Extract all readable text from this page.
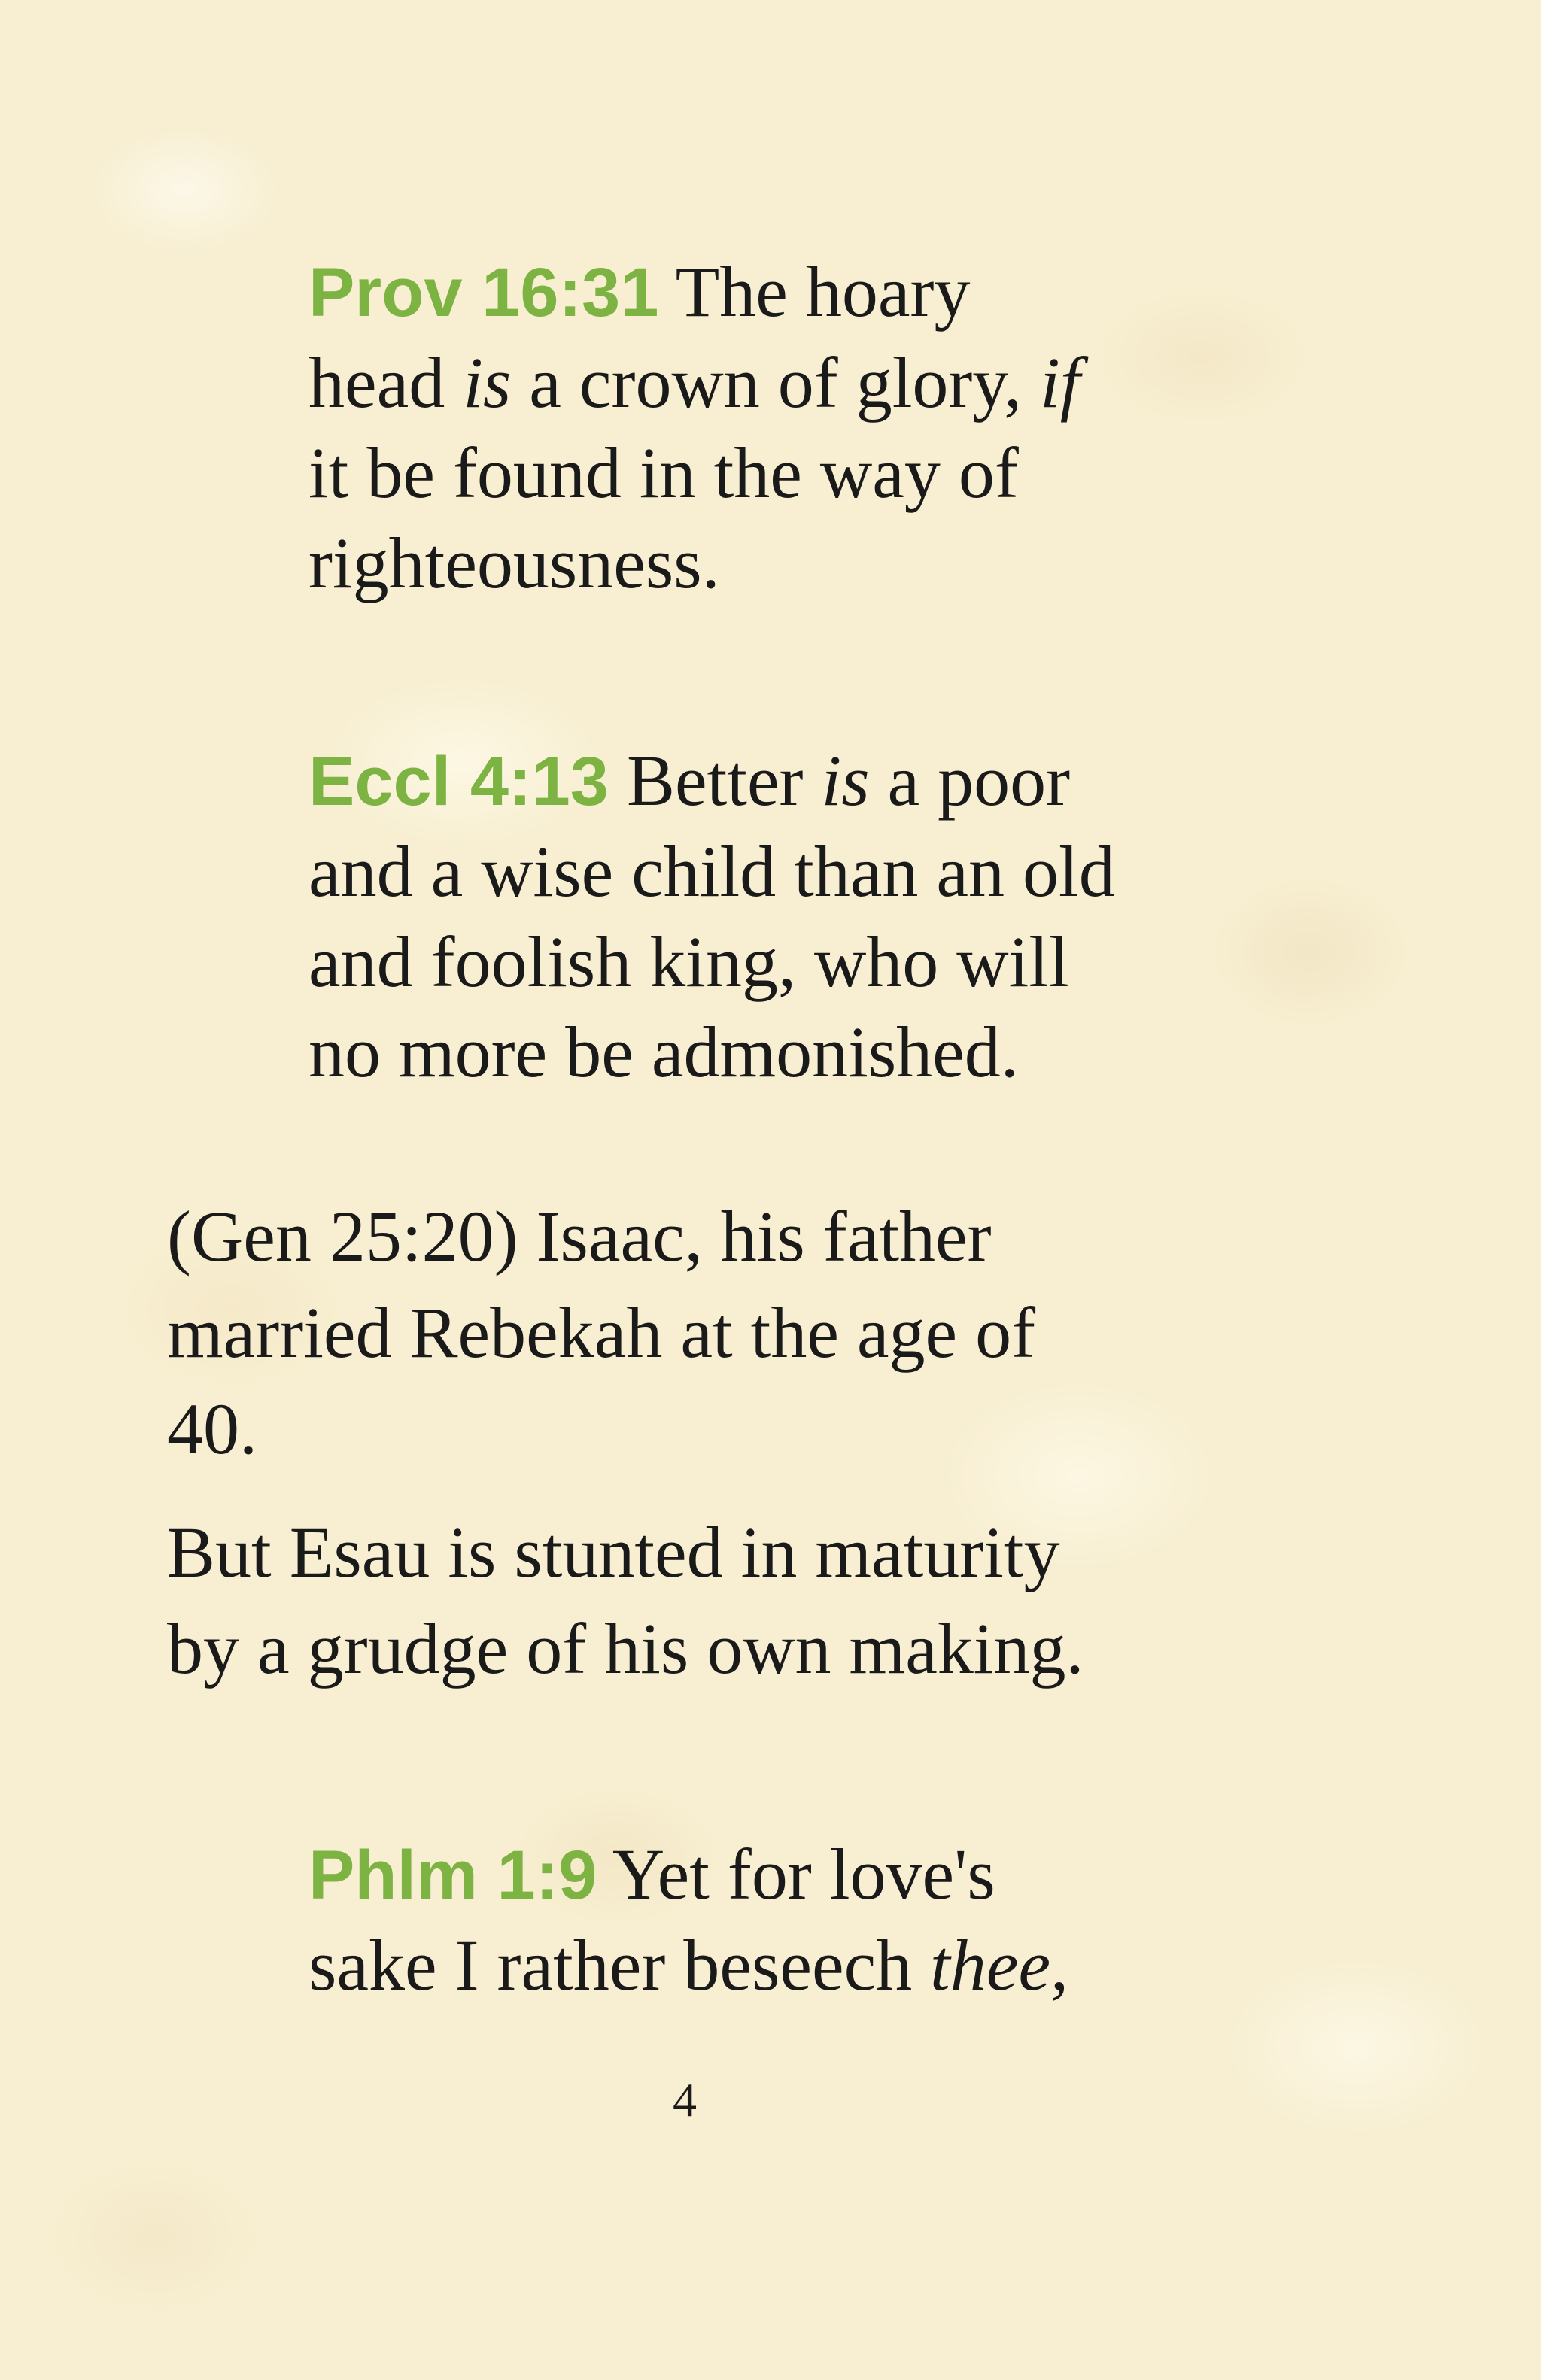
Prov 16:31 The hoary
head is a crown of glory, if
it be found in the way of
righteousness.
Eccl 4:13 Better is a poor
and a wise child than an old
and foolish king, who will
no more be admonished.
(Gen 25:20) Isaac, his father
married Rebekah at the age of
40.
But Esau is stunted in maturity
by a grudge of his own making.
Phlm 1:9 Yet for love's
sake I rather beseech thee,
4
